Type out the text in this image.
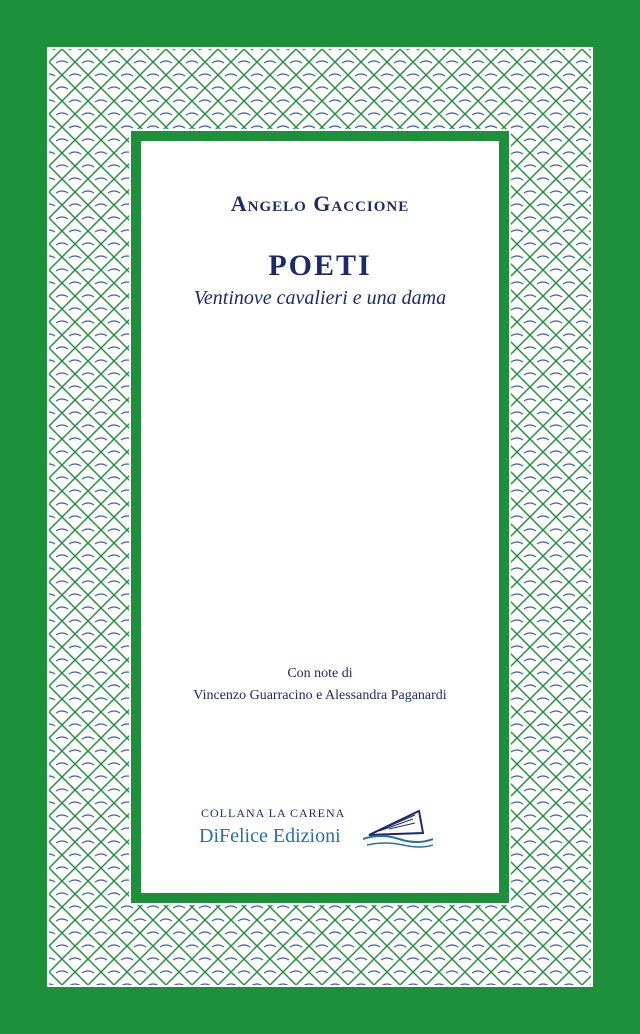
Angelo Gaccione
POETI
Ventinove cavalieri e una dama
Con note di
Vincenzo Guarracino e Alessandra Paganardi
COLLANA LA CARENA
DiFelice Edizioni
